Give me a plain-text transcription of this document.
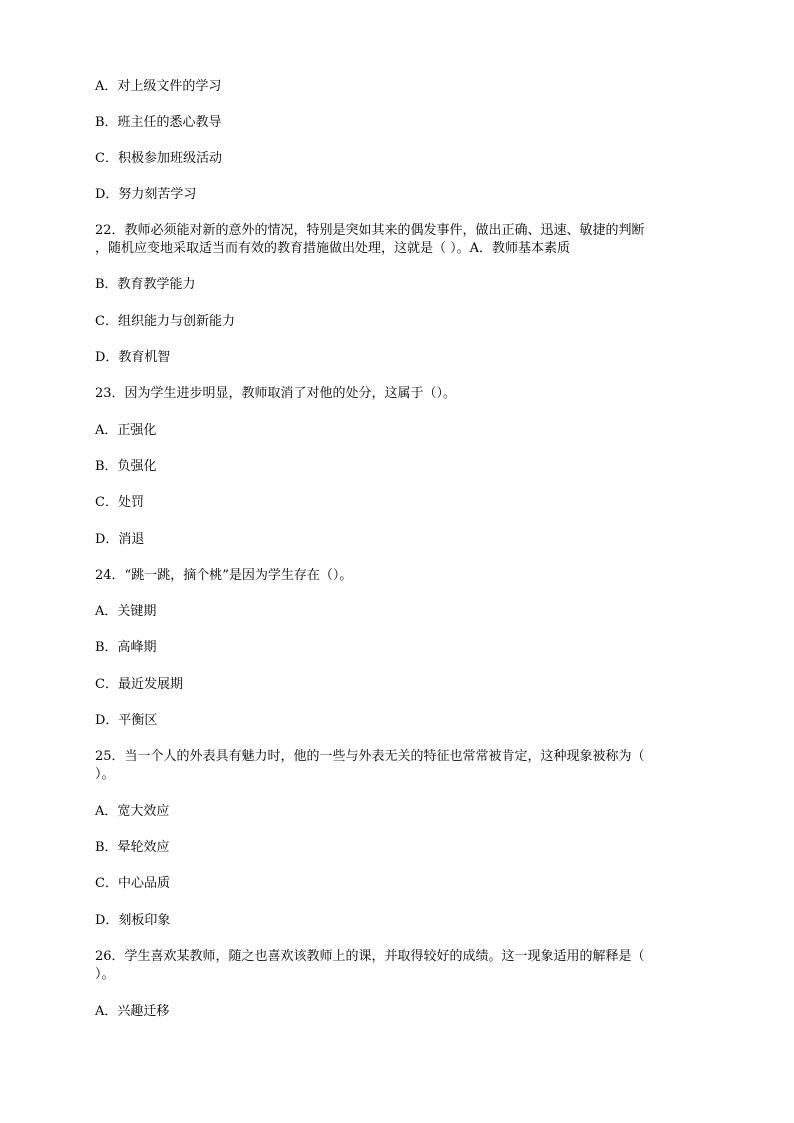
A．对上级文件的学习
B．班主任的悉心教导
C．积极参加班级活动
D．努力刻苦学习
22．教师必须能对新的意外的情况，特别是突如其来的偶发事件，做出正确、迅速、敏捷的判断
，随机应变地采取适当而有效的教育措施做出处理，这就是（ ）。A．教师基本素质
B．教育教学能力
C．组织能力与创新能力
D．教育机智
23．因为学生进步明显，教师取消了对他的处分，这属于（）。
A．正强化
B．负强化
C．处罚
D．消退
24．“跳一跳，摘个桃”是因为学生存在（）。
A．关键期
B．高峰期
C．最近发展期
D．平衡区
25．当一个人的外表具有魅力时，他的一些与外表无关的特征也常常被肯定，这种现象被称为（
）。
A．宽大效应
B．晕轮效应
C．中心品质
D．刻板印象
26．学生喜欢某教师，随之也喜欢该教师上的课，并取得较好的成绩。这一现象适用的解释是（
）。
A．兴趣迁移
